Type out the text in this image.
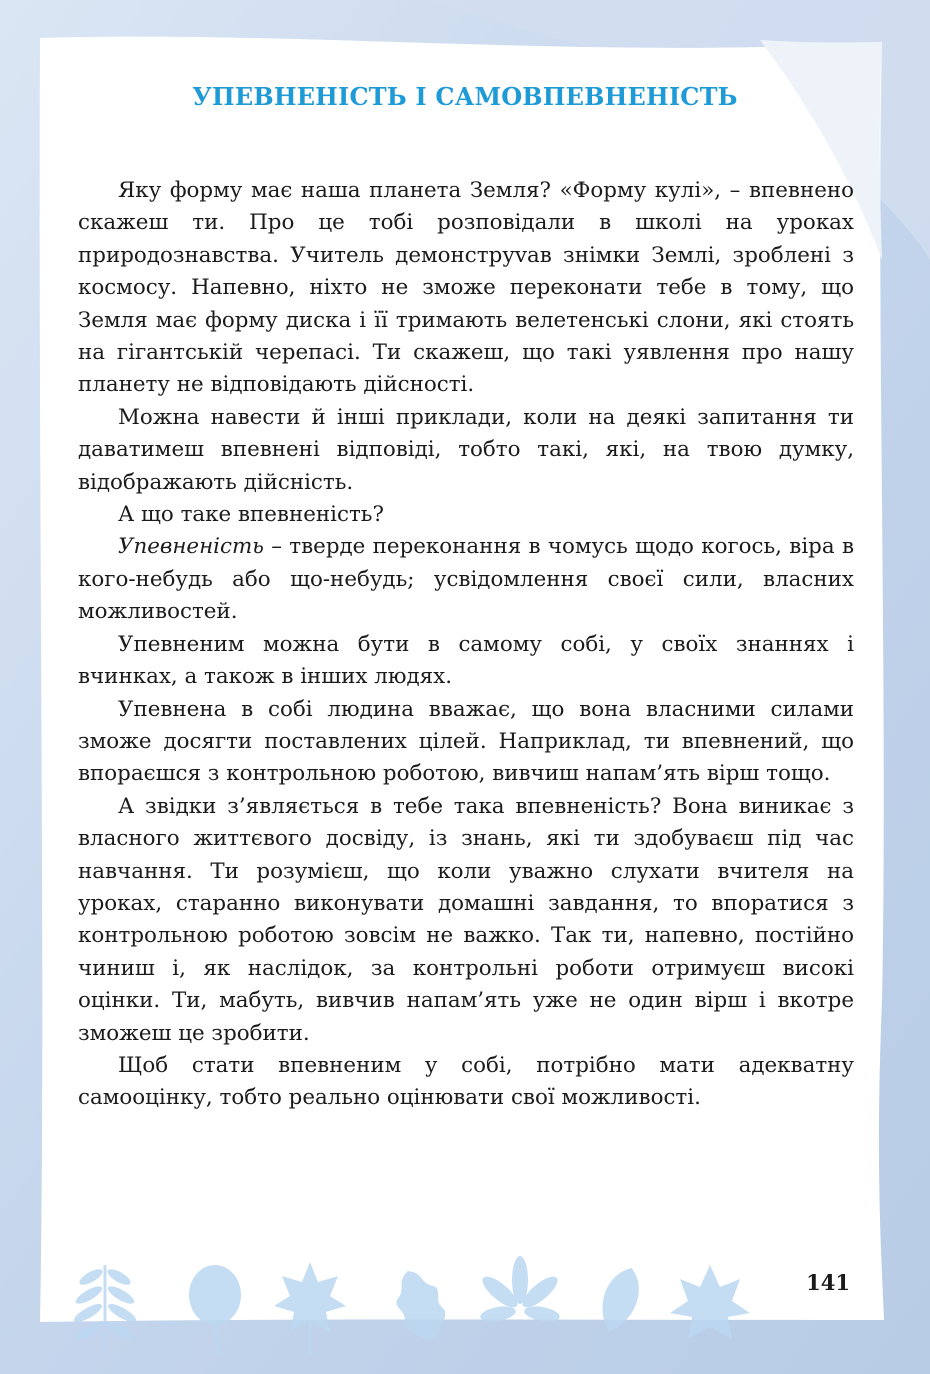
УПЕВНЕНІСТЬ І САМОВПЕВНЕНІСТЬ

Яку форму має наша планета Земля? «Форму кулі», – впевнено скажеш ти. Про це тобі розповідали в школі на уроках природознавства. Учитель демонструvав знімки Землі, зроблені з космосу. Напевно, ніхто не зможе переконати тебе в тому, що Земля має форму диска і її тримають велетенські слони, які стоять на гігантській черепасі. Ти скажеш, що такі уявлення про нашу планету не відповідають дійсності.

Можна навести й інші приклади, коли на деякі запитання ти даватимеш впевнені відповіді, тобто такі, які, на твою думку, відображають дійсність.

А що таке впевненість?

Упевненість – тверде переконання в чомусь щодо когось, віра в кого-небудь або що-небудь; усвідомлення своєї сили, власних можливостей.

Упевненим можна бути в самому собі, у своїх знаннях і вчинках, а також в інших людях.

Упевнена в собі людина вважає, що вона власними силами зможе досягти поставлених цілей. Наприклад, ти впевнений, що впораєшся з контрольною роботою, вивчиш напам’ять вірш тощо.

А звідки з’являється в тебе така впевненість? Вона виникає з власного життєвого досвіду, із знань, які ти здобуваєш під час навчання. Ти розумієш, що коли уважно слухати вчителя на уроках, старанно виконувати домашні завдання, то впоратися з контрольною роботою зовсім не важко. Так ти, напевно, постійно чиниш і, як наслідок, за контрольні роботи отримуєш високі оцінки. Ти, мабуть, вивчив напам’ять уже не один вірш і вкотре зможеш це зробити.

Щоб стати впевненим у собі, потрібно мати адекватну самооцінку, тобто реально оцінювати свої можливості.

141
